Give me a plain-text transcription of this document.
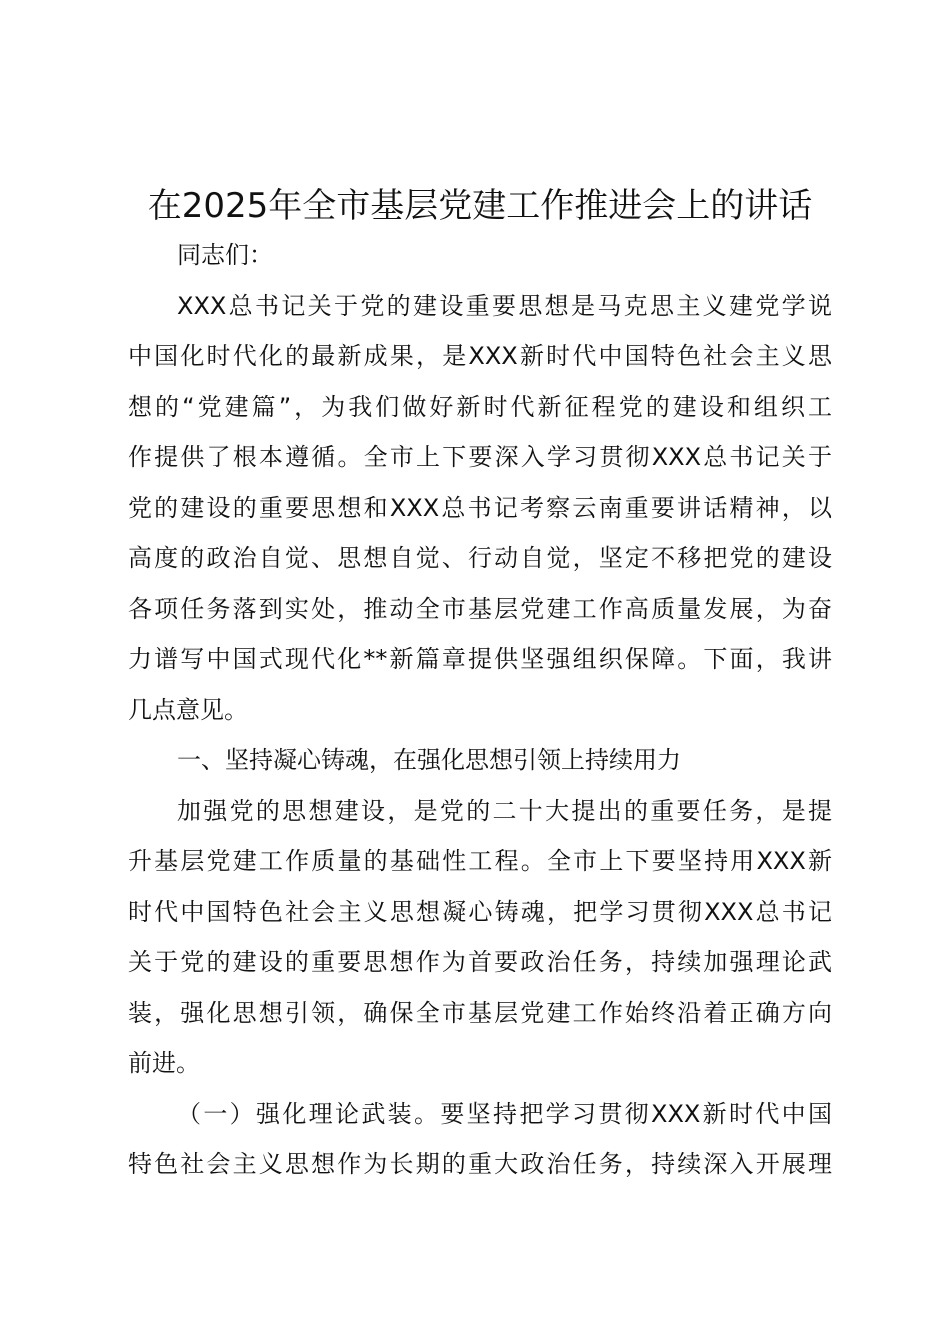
在2025年全市基层党建工作推进会上的讲话
同志们：
XXX总书记关于党的建设重要思想是马克思主义建党学说
中国化时代化的最新成果，是XXX新时代中国特色社会主义思
想的“党建篇”，为我们做好新时代新征程党的建设和组织工
作提供了根本遵循。全市上下要深入学习贯彻XXX总书记关于
党的建设的重要思想和XXX总书记考察云南重要讲话精神，以
高度的政治自觉、思想自觉、行动自觉，坚定不移把党的建设
各项任务落到实处，推动全市基层党建工作高质量发展，为奋
力谱写中国式现代化**新篇章提供坚强组织保障。下面，我讲
几点意见。
一、坚持凝心铸魂，在强化思想引领上持续用力
加强党的思想建设，是党的二十大提出的重要任务，是提
升基层党建工作质量的基础性工程。全市上下要坚持用XXX新
时代中国特色社会主义思想凝心铸魂，把学习贯彻XXX总书记
关于党的建设的重要思想作为首要政治任务，持续加强理论武
装，强化思想引领，确保全市基层党建工作始终沿着正确方向
前进。
（一）强化理论武装。要坚持把学习贯彻XXX新时代中国
特色社会主义思想作为长期的重大政治任务，持续深入开展理
